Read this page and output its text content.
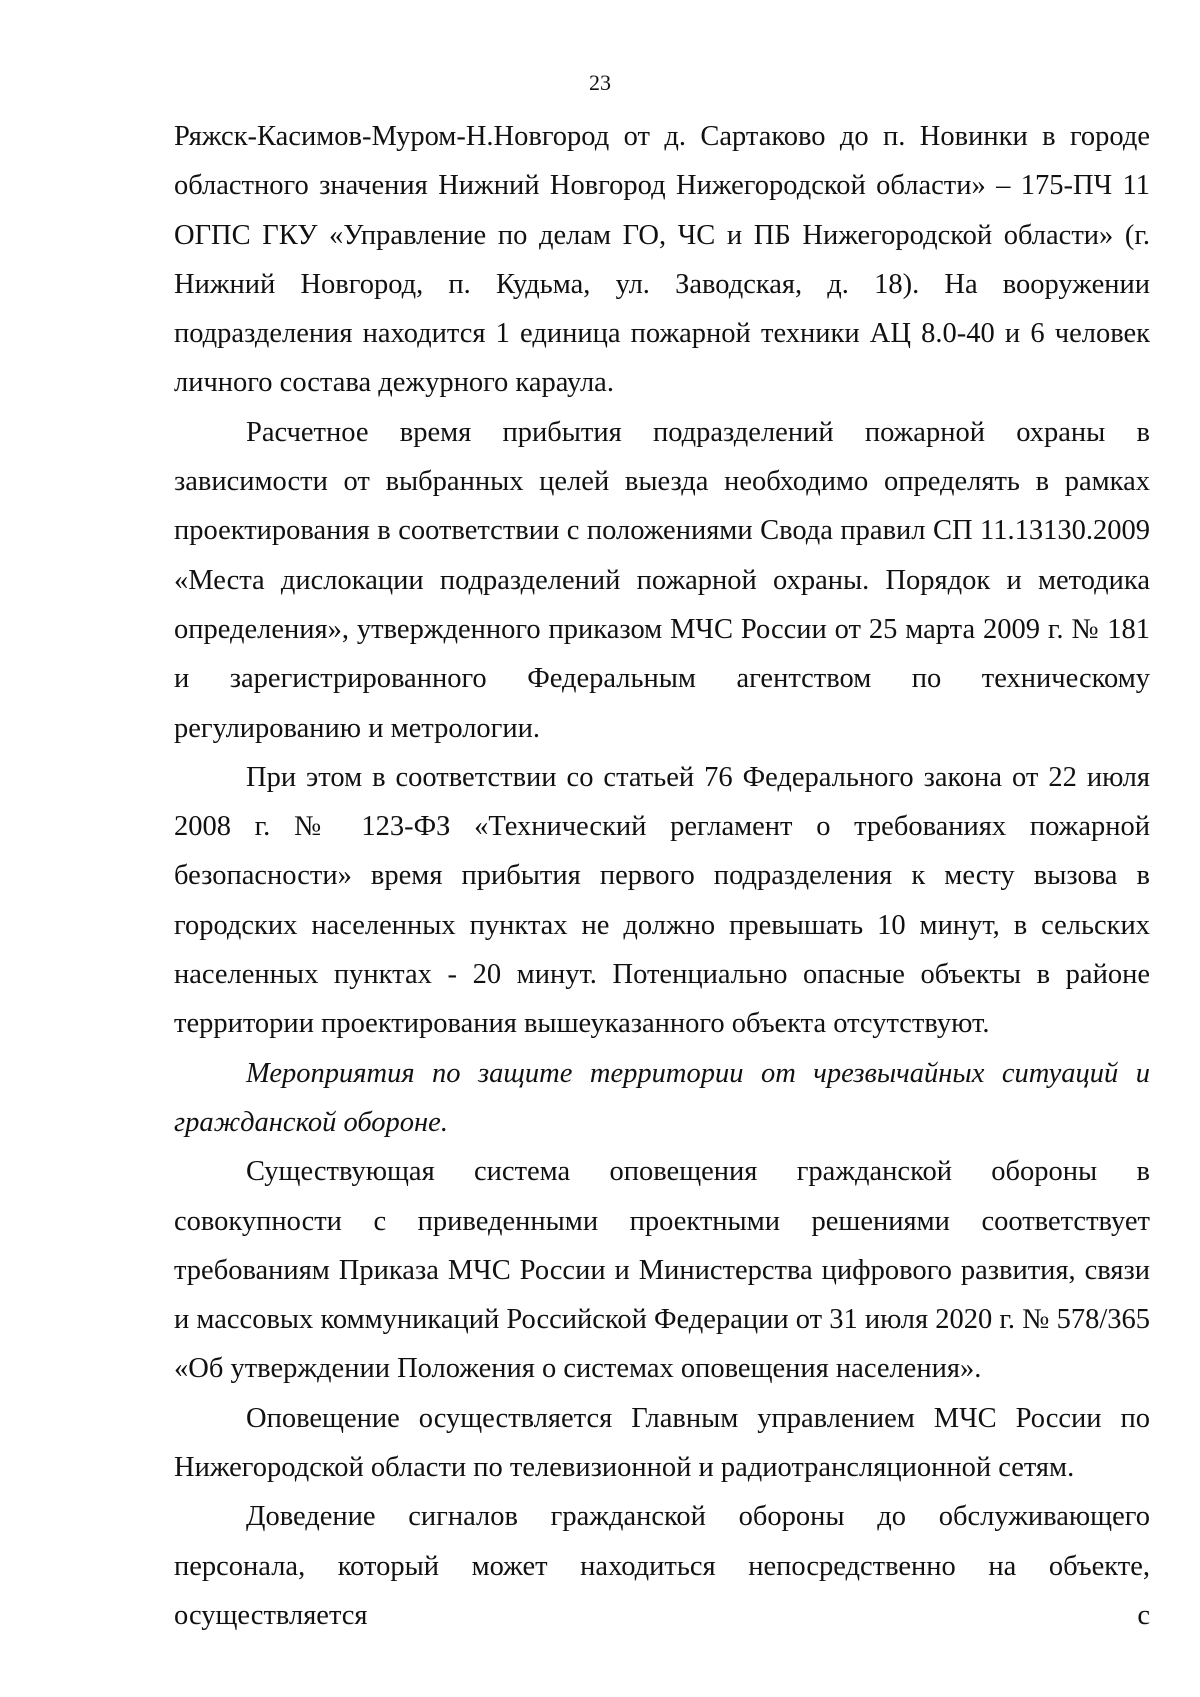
23

Ряжск-Касимов-Муром-Н.Новгород от д. Сартаково до п. Новинки в городе областного значения Нижний Новгород Нижегородской области» – 175-ПЧ 11 ОГПС ГКУ «Управление по делам ГО, ЧС и ПБ Нижегородской области» (г. Нижний Новгород, п. Кудьма, ул. Заводская, д. 18). На вооружении подразделения находится 1 единица пожарной техники АЦ 8.0-40 и 6 человек личного состава дежурного караула.

Расчетное время прибытия подразделений пожарной охраны в зависимости от выбранных целей выезда необходимо определять в рамках проектирования в соответствии с положениями Свода правил СП 11.13130.2009 «Места дислокации подразделений пожарной охраны. Порядок и методика определения», утвержденного приказом МЧС России от 25 марта 2009 г. № 181 и зарегистрированного Федеральным агентством по техническому регулированию и метрологии.

При этом в соответствии со статьей 76 Федерального закона от 22 июля 2008 г. № 123-ФЗ «Технический регламент о требованиях пожарной безопасности» время прибытия первого подразделения к месту вызова в городских населенных пунктах не должно превышать 10 минут, в сельских населенных пунктах - 20 минут. Потенциально опасные объекты в районе территории проектирования вышеуказанного объекта отсутствуют.

Мероприятия по защите территории от чрезвычайных ситуаций и гражданской обороне.

Существующая система оповещения гражданской обороны в совокупности с приведенными проектными решениями соответствует требованиям Приказа МЧС России и Министерства цифрового развития, связи и массовых коммуникаций Российской Федерации от 31 июля 2020 г. № 578/365 «Об утверждении Положения о системах оповещения населения».

Оповещение осуществляется Главным управлением МЧС России по Нижегородской области по телевизионной и радиотрансляционной сетям.

Доведение сигналов гражданской обороны до обслуживающего персонала, который может находиться непосредственно на объекте, осуществляется с
